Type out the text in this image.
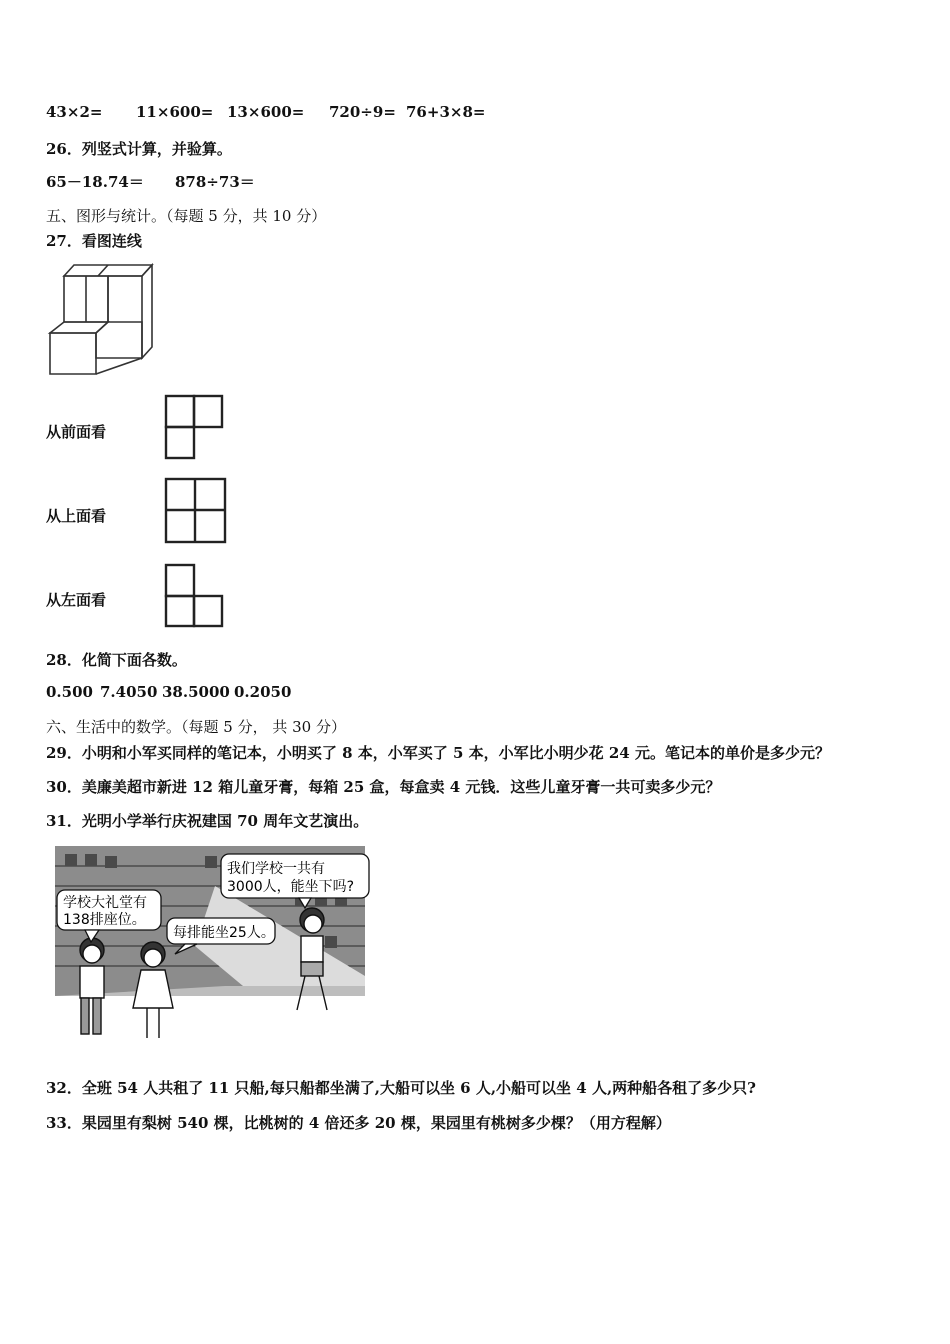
43×2= 11×600= 13×600= 720÷9= 76+3×8=
26．列竖式计算，并验算。
65－18.74＝ 878÷73＝
五、图形与统计。（每题 5 分，共 10 分）
27．看图连线
从前面看
从上面看
从左面看
28．化简下面各数。
0.500 7.4050 38.5000 0.2050
六、生活中的数学。（每题 5 分， 共 30 分）
29．小明和小军买同样的笔记本，小明买了 8 本，小军买了 5 本，小军比小明少花 24 元。笔记本的单价是多少元？
30．美廉美超市新进 12 箱儿童牙膏，每箱 25 盒，每盒卖 4 元钱．这些儿童牙膏一共可卖多少元？
31．光明小学举行庆祝建国 70 周年文艺演出。
学校大礼堂有
138排座位。
每排能坐25人。
我们学校一共有
3000人，能坐下吗?
32．全班 54 人共租了 11 只船,每只船都坐满了,大船可以坐 6 人,小船可以坐 4 人,两种船各租了多少只?
33．果园里有梨树 540 棵，比桃树的 4 倍还多 20 棵，果园里有桃树多少棵？（用方程解）
